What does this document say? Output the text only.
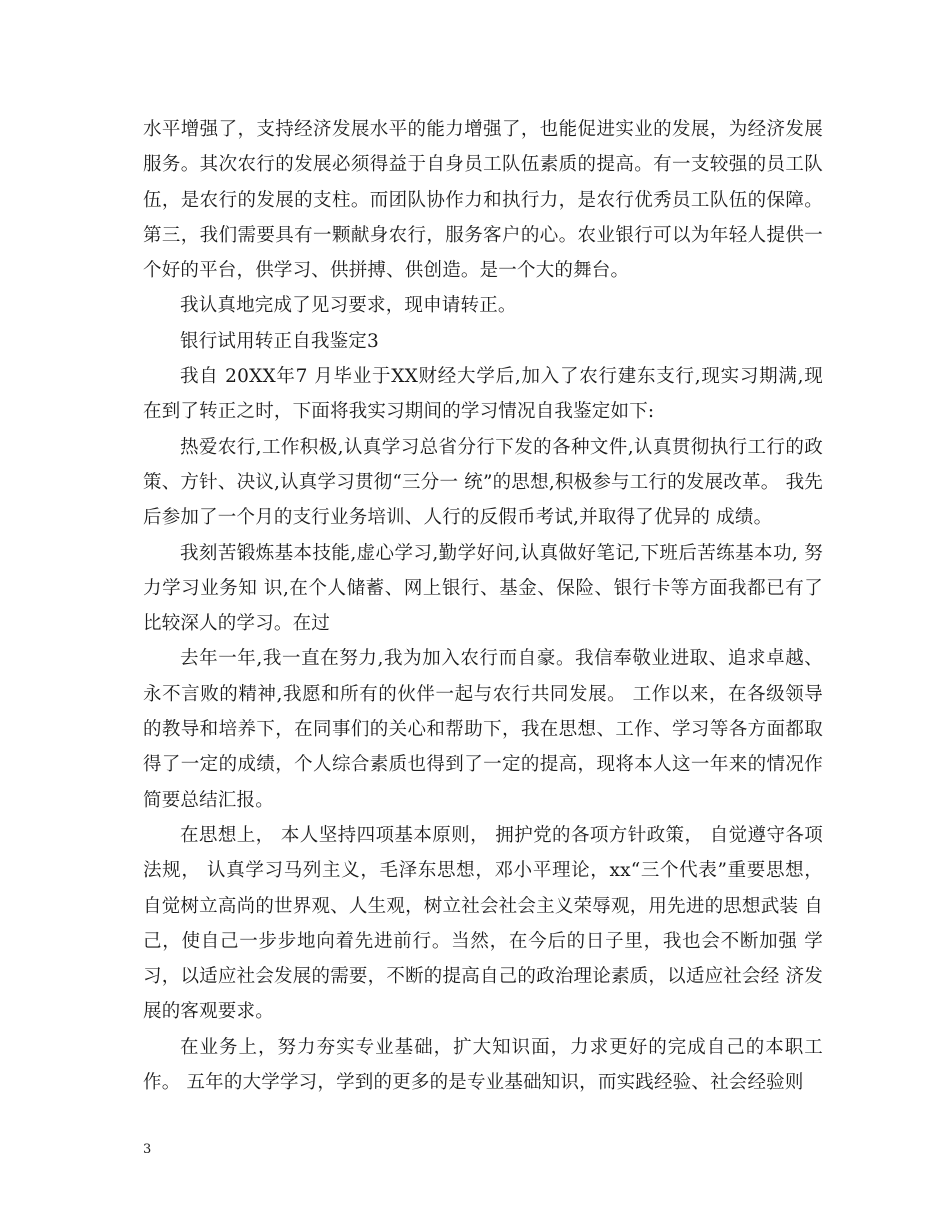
水平增强了，支持经济发展水平的能力增强了，也能促进实业的发展，为经济发展服务。其次农行的发展必须得益于自身员工队伍素质的提高。有一支较强的员工队伍，是农行的发展的支柱。而团队协作力和执行力，是农行优秀员工队伍的保障。第三，我们需要具有一颗献身农行，服务客户的心。农业银行可以为年轻人提供一个好的平台，供学习、供拼搏、供创造。是一个大的舞台。

我认真地完成了见习要求，现申请转正。

银行试用转正自我鉴定3

我自 20XX年7 月毕业于XX财经大学后,加入了农行建东支行,现实习期满,现在到了转正之时，下面将我实习期间的学习情况自我鉴定如下:

热爱农行,工作积极,认真学习总省分行下发的各种文件,认真贯彻执行工行的政策、方针、决议,认真学习贯彻“三分一 统”的思想,积极参与工行的发展改革。 我先后参加了一个月的支行业务培训、人行的反假币考试,并取得了优异的 成绩。

我刻苦锻炼基本技能,虚心学习,勤学好问,认真做好笔记,下班后苦练基本功, 努力学习业务知 识,在个人储蓄、网上银行、基金、保险、银行卡等方面我都已有了比较深人的学习。在过

去年一年,我一直在努力,我为加入农行而自豪。我信奉敬业进取、追求卓越、永不言败的精神,我愿和所有的伙伴一起与农行共同发展。 工作以来，在各级领导的教导和培养下，在同事们的关心和帮助下，我在思想、工作、学习等各方面都取得了一定的成绩，个人综合素质也得到了一定的提高，现将本人这一年来的情况作简要总结汇报。

在思想上， 本人坚持四项基本原则， 拥护党的各项方针政策， 自觉遵守各项法规， 认真学习马列主义，毛泽东思想，邓小平理论，xx“三个代表”重要思想， 自觉树立高尚的世界观、人生观，树立社会社会主义荣辱观，用先进的思想武装 自己，使自己一步步地向着先进前行。当然，在今后的日子里，我也会不断加强 学习，以适应社会发展的需要，不断的提高自己的政治理论素质，以适应社会经 济发展的客观要求。

在业务上，努力夯实专业基础，扩大知识面，力求更好的完成自己的本职工作。 五年的大学学习，学到的更多的是专业基础知识，而实践经验、社会经验则

3
